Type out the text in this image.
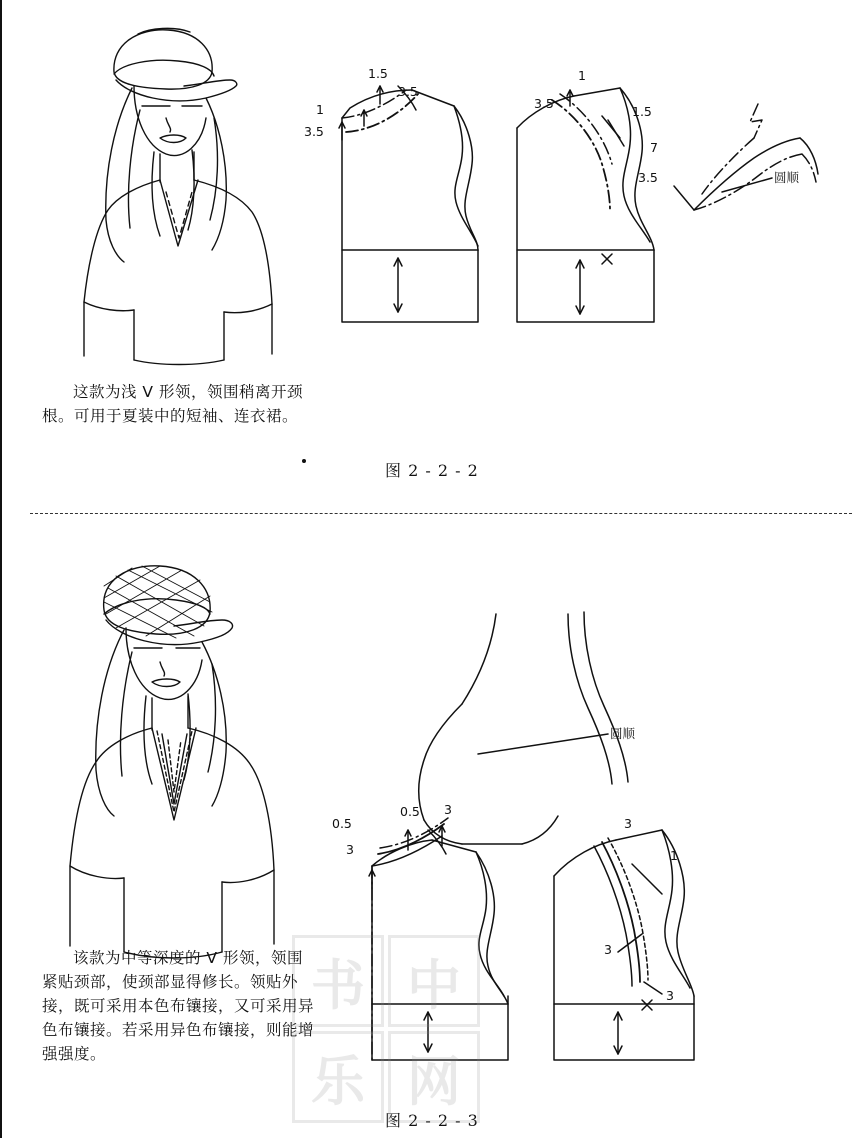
1.5
3.5
1
3.5
1
3.5
1.5
7
3.5	圆顺

这款为浅 V 形领，领围稍离开颈根。可用于夏装中的短袖、连衣裙。

图 2 - 2 - 2
0.5
0.5 3
3
3
1
3
3
圆顺

该款为中等深度的 V 形领，领围紧贴颈部，使颈部显得修长。领贴外接，既可采用本色布镶接，又可采用异色布镶接。若采用异色布镶接，则能增强强度。

图 2 - 2 - 3
书 中
乐 网
